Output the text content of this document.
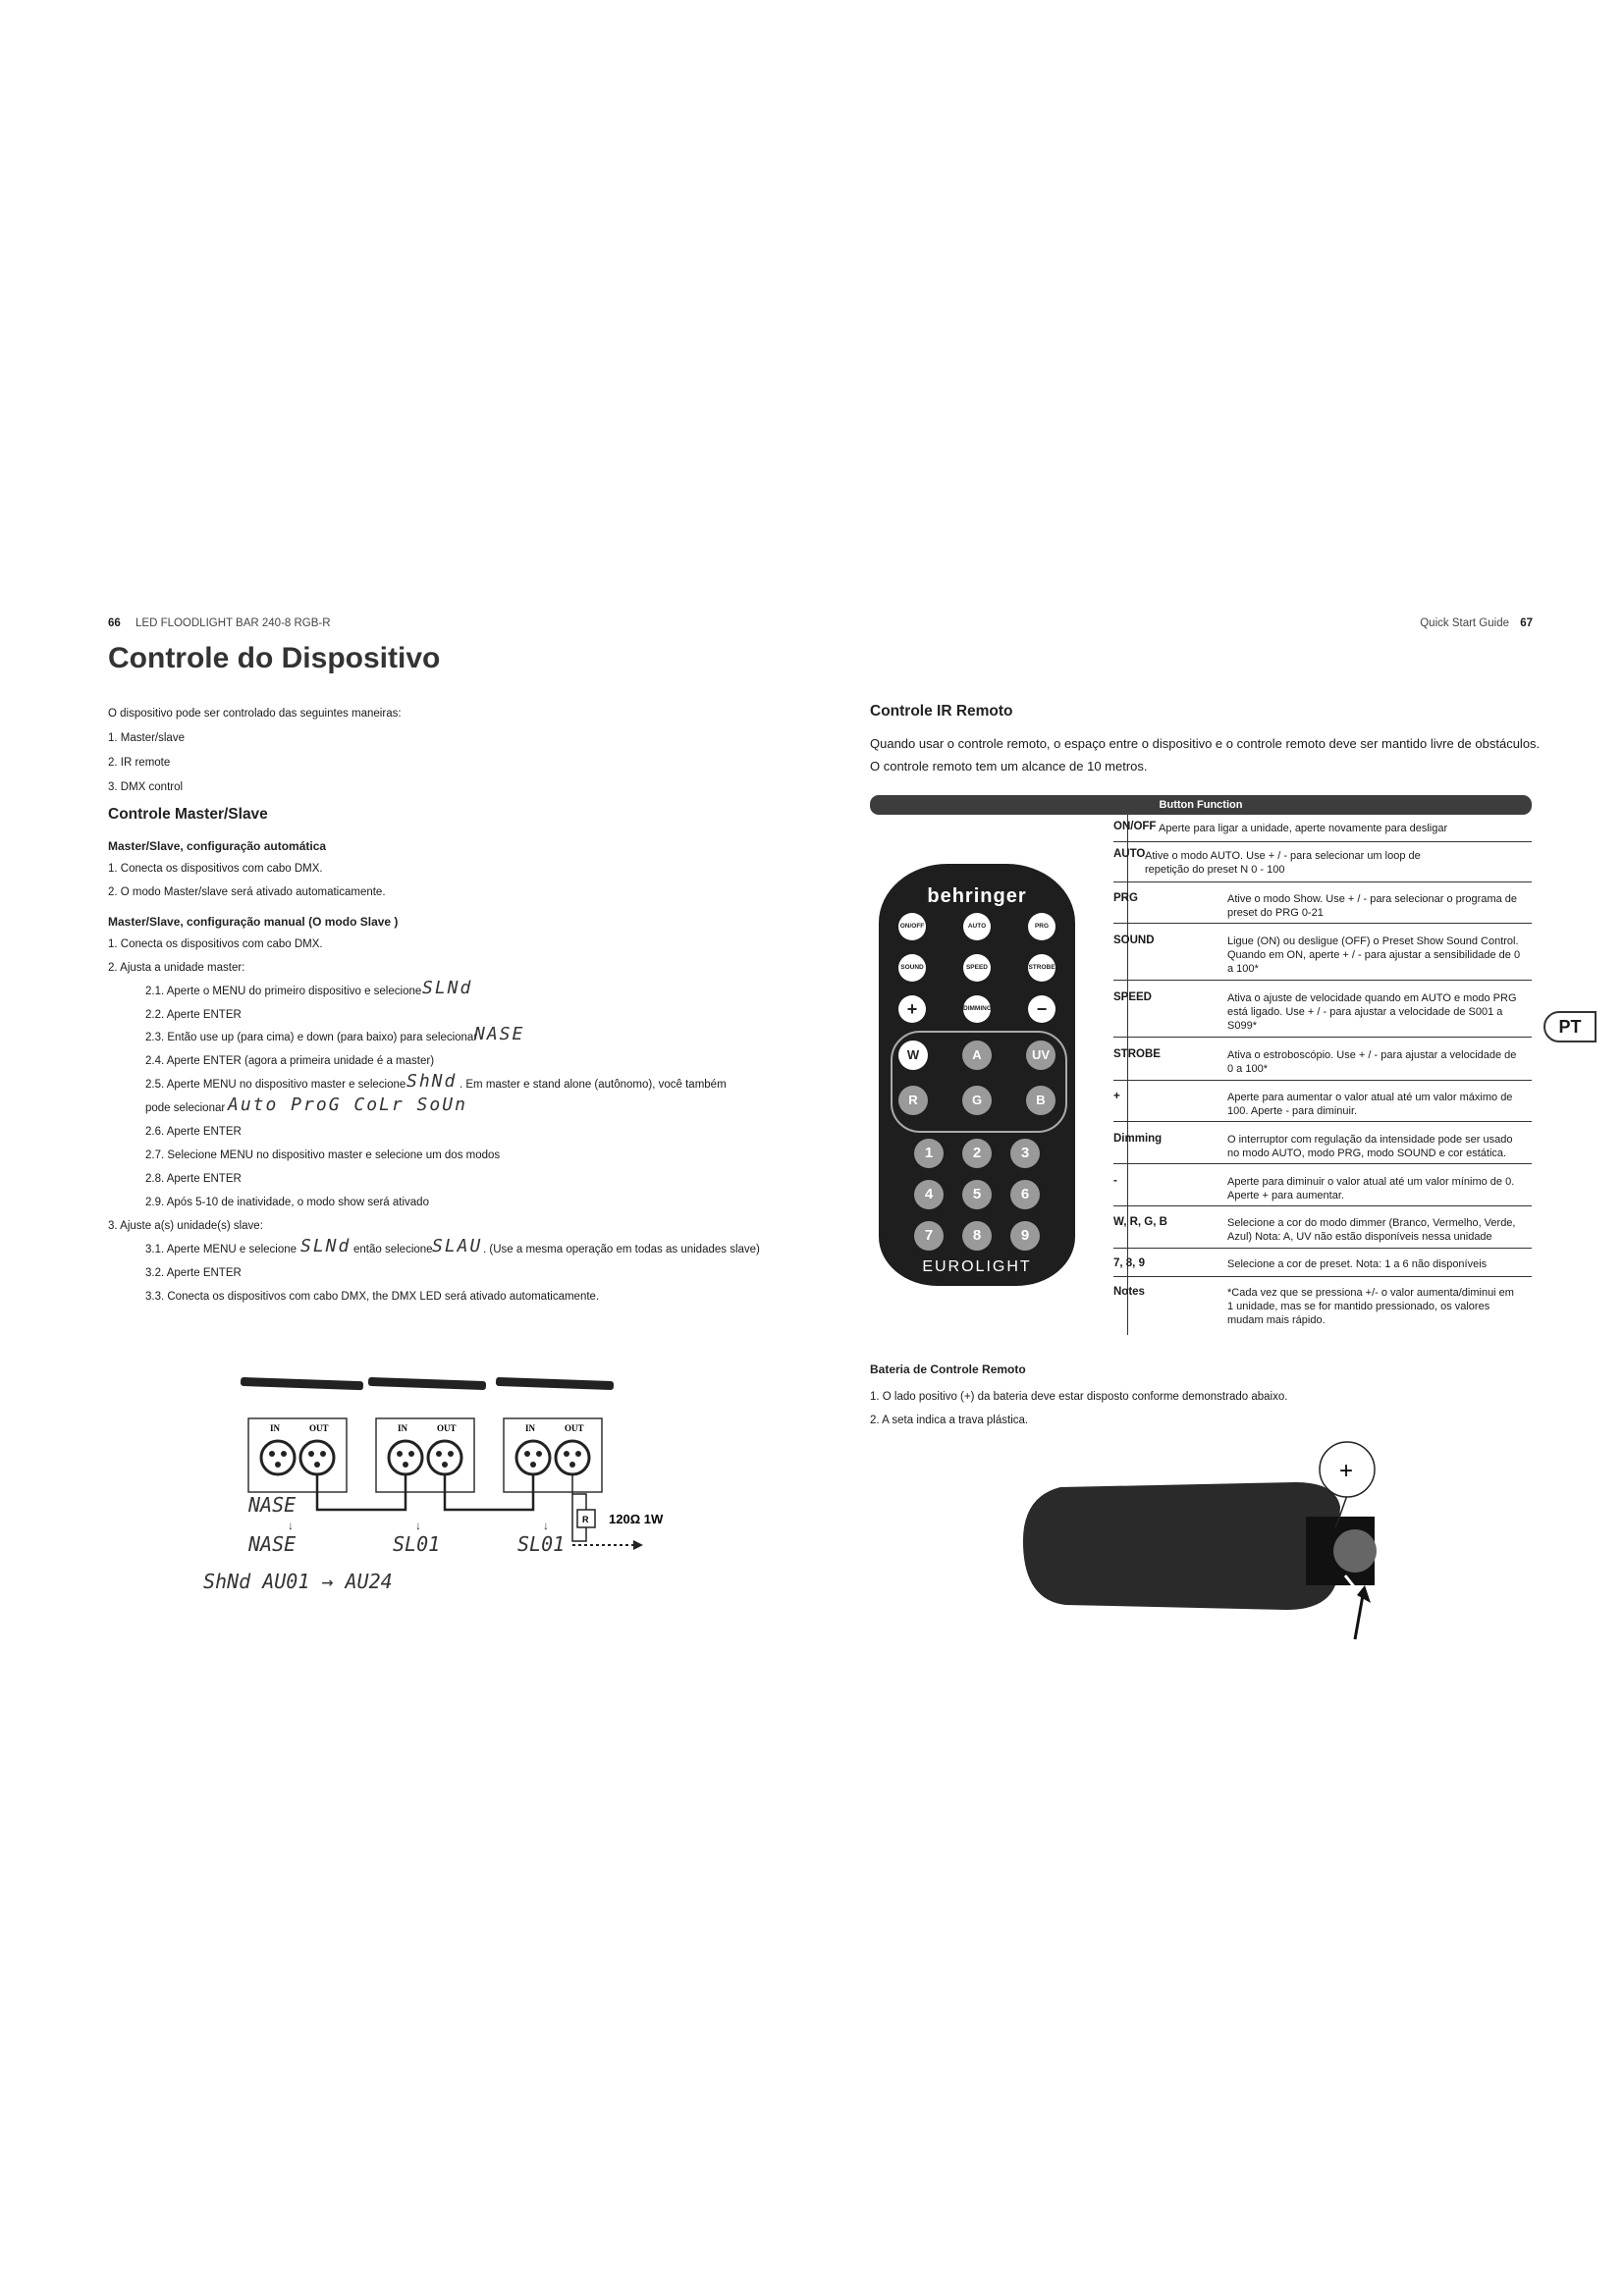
66 LED FLOODLIGHT BAR 240-8 RGB-R	Quick Start Guide 67
Controle do Dispositivo
O dispositivo pode ser controlado das seguintes maneiras:
1. Master/slave
2. IR remote
3. DMX control
Controle Master/Slave
Master/Slave, configuração automática
1. Conecta os dispositivos com cabo DMX.
2. O modo Master/slave será ativado automaticamente.
Master/Slave, configuração manual (O modo Slave )
1. Conecta os dispositivos com cabo DMX.
2. Ajusta a unidade master:
2.1. Aperte o MENU do primeiro dispositivo e selecione SLNd
2.2. Aperte ENTER
2.3. Então use up (para cima) e down (para baixo) para selecionar
NASE
2.4. Aperte ENTER (agora a primeira unidade é a master)
2.5. Aperte MENU no dispositivo master e selecione ShNd . Em master e stand alone (autônomo), você também
pode selecionar Auto ProG CoLr SoUn
2.6. Aperte ENTER
2.7. Selecione MENU no dispositivo master e selecione um dos modos
2.8. Aperte ENTER
2.9. Após 5-10 de inatividade, o modo show será ativado
3. Ajuste a(s) unidade(s) slave:
3.1. Aperte MENU e selecione SLNd então selecione SLAU . (Use a mesma operação em todas as unidades slave)
3.2. Aperte ENTER
3.3. Conecta os dispositivos com cabo DMX, the DMX LED será ativado automaticamente.
IN	OUT	IN	OUT	IN	OUT
R 120Ω 1W
NASE
↓	↓	↓
NASE	SL01	SL01
ShNd AU01 → AU24
Controle IR Remoto
Quando usar o controle remoto, o espaço entre o dispositivo e o controle remoto deve ser mantido livre de obstáculos.
O controle remoto tem um alcance de 10 metros.
Button Function
behringer
ON/OFF	AUTO	PRG
SOUND	SPEED	STROBE
+	DIMMING	−
W	A	UV
R	G	B
1	2	3
4	5	6
7	8	9
EUROLIGHT
ON/OFF Aperte para ligar a unidade, aperte novamente para desligar
AUTO Ative o modo AUTO. Use + / - para selecionar um loop de repetição do preset N 0 - 100
PRG	Ative o modo Show. Use + / - para selecionar o programa de preset do PRG 0-21
SOUND	Ligue (ON) ou desligue (OFF) o Preset Show Sound Control. Quando em ON, aperte + / - para ajustar a sensibilidade de 0 a 100*
SPEED	Ativa o ajuste de velocidade quando em AUTO e modo PRG está ligado. Use + / - para ajustar a velocidade de S001 a S099*
STROBE	Ativa o estroboscópio. Use + / - para ajustar a velocidade de 0 a 100*
+	Aperte para aumentar o valor atual até um valor máximo de 100. Aperte - para diminuir.
Dimming	O interruptor com regulação da intensidade pode ser usado no modo AUTO, modo PRG, modo SOUND e cor estática.
-	Aperte para diminuir o valor atual até um valor mínimo de 0. Aperte + para aumentar.
W, R, G, B	Selecione a cor do modo dimmer (Branco, Vermelho, Verde, Azul) Nota: A, UV não estão disponíveis nessa unidade
7, 8, 9	Selecione a cor de preset. Nota: 1 a 6 não disponíveis
Notes	*Cada vez que se pressiona +/- o valor aumenta/diminui em 1 unidade, mas se for mantido pressionado, os valores mudam mais rápido.
PT
Bateria de Controle Remoto
1. O lado positivo (+) da bateria deve estar disposto conforme demonstrado abaixo.
2. A seta indica a trava plástica.
+
